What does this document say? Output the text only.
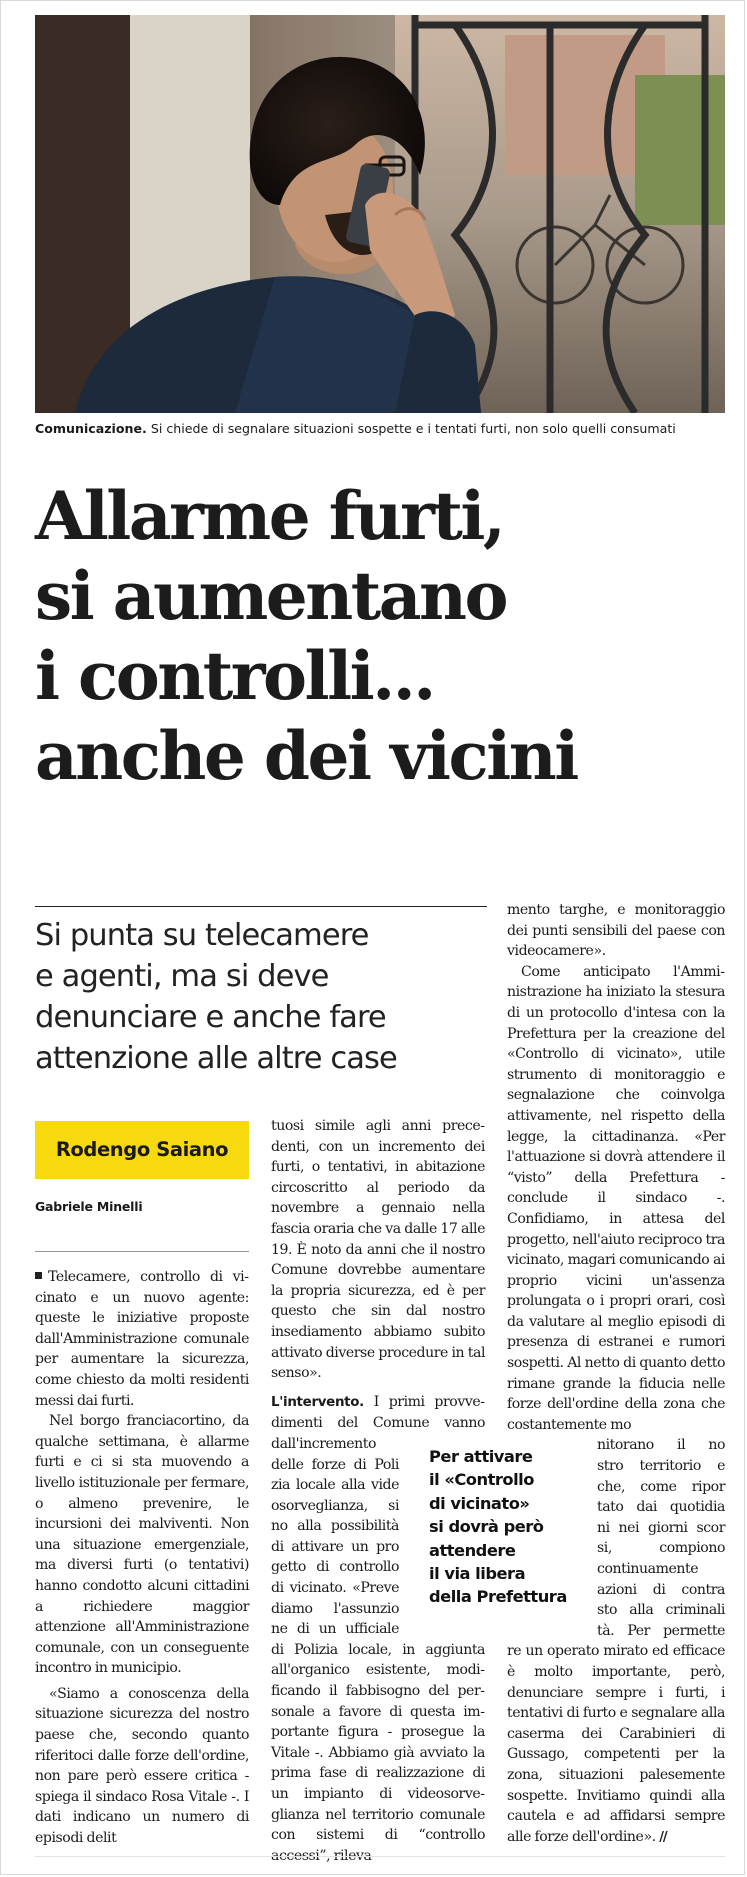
Comunicazione. Si chiede di segnalare situazioni sospette e i tentati furti, non solo quelli consumati
Allarme furti,
si aumentano
i controlli...
anche dei vicini
Si punta su telecamere
e agenti, ma si deve
denunciare e anche fare
attenzione alle altre case
Rodengo Saiano
Gabriele Minelli

Telecamere, controllo di vicinato e un nuovo agente: queste le iniziative proposte dall'Amministrazione comunale per aumentare la sicurezza, come chiesto da molti residenti messi dai furti.

Nel borgo franciacortino, da qualche settimana, è allarme furti e ci si sta muovendo a livello istituzionale per fermare, o almeno prevenire, le incursioni dei malviventi. Non una situazione emergenziale, ma diversi furti (o tentativi) hanno condotto alcuni cittadini a richiedere maggior attenzione all'Amministrazione comunale, con un conseguente incontro in municipio.

«Siamo a conoscenza della situazione sicurezza del nostro paese che, secondo quanto riferitoci dalle forze dell'ordine, non pare però essere critica - spiega il sindaco Rosa Vitale -. I dati indicano un numero di episodi delit

tuosi simile agli anni precedenti, con un incremento dei furti, o tentativi, in abitazione circoscritto al periodo da novembre a gennaio nella fascia oraria che va dalle 17 alle 19. È noto da anni che il nostro Comune dovrebbe aumentare la propria sicurezza, ed è per questo che sin dal nostro insediamento abbiamo subito attivato diverse procedure in tal senso».

L'intervento. I primi provvedimenti del Comune vanno dall'incremento

delle forze di Poli

zia locale alla vide

osorveglianza, si

no alla possibilità

di attivare un pro

getto di controllo

di vicinato. «Preve

diamo l'assunzio

ne di un ufficiale

di Polizia locale, in aggiunta all'organico esistente, modificando il fabbisogno del personale a favore di questa importante figura - prosegue la Vitale -. Abbiamo già avviato la prima fase di realizzazione di un impianto di videosorveglianza nel territorio comunale con sistemi di “controllo accessi”, rileva

mento targhe, e monitoraggio dei punti sensibili del paese con videocamere».

Come anticipato l'Amministrazione ha iniziato la stesura di un protocollo d'intesa con la Prefettura per la creazione del «Controllo di vicinato», utile strumento di monitoraggio e segnalazione che coinvolga attivamente, nel rispetto della legge, la cittadinanza. «Per l'attuazione si dovrà attendere il “visto” della Prefettura - conclude il sindaco -. Confidiamo, in attesa del progetto, nell'aiuto reciproco tra vicinato, magari comunicando ai proprio vicini un'assenza prolungata o i propri orari, così da valutare al meglio episodi di presenza di estranei e rumori sospetti. Al netto di quanto detto rimane grande la fiducia nelle forze dell'ordine della zona che costantemente mo

nitorano il no

stro territorio e

che, come ripor

tato dai quotidia

ni nei giorni scor

si, compiono

continuamente

azioni di contra

sto alla criminali

tà. Per permette

re un operato mirato ed efficace è molto importante, però, denunciare sempre i furti, i tentativi di furto e segnalare alla caserma dei Carabinieri di Gussago, competenti per la zona, situazioni palesemente sospette. Invitiamo quindi alla cautela e ad affidarsi sempre alle forze dell'ordine». //

Per attivare
il «Controllo
di vicinato»
si dovrà però
attendere
il via libera
della Prefettura
